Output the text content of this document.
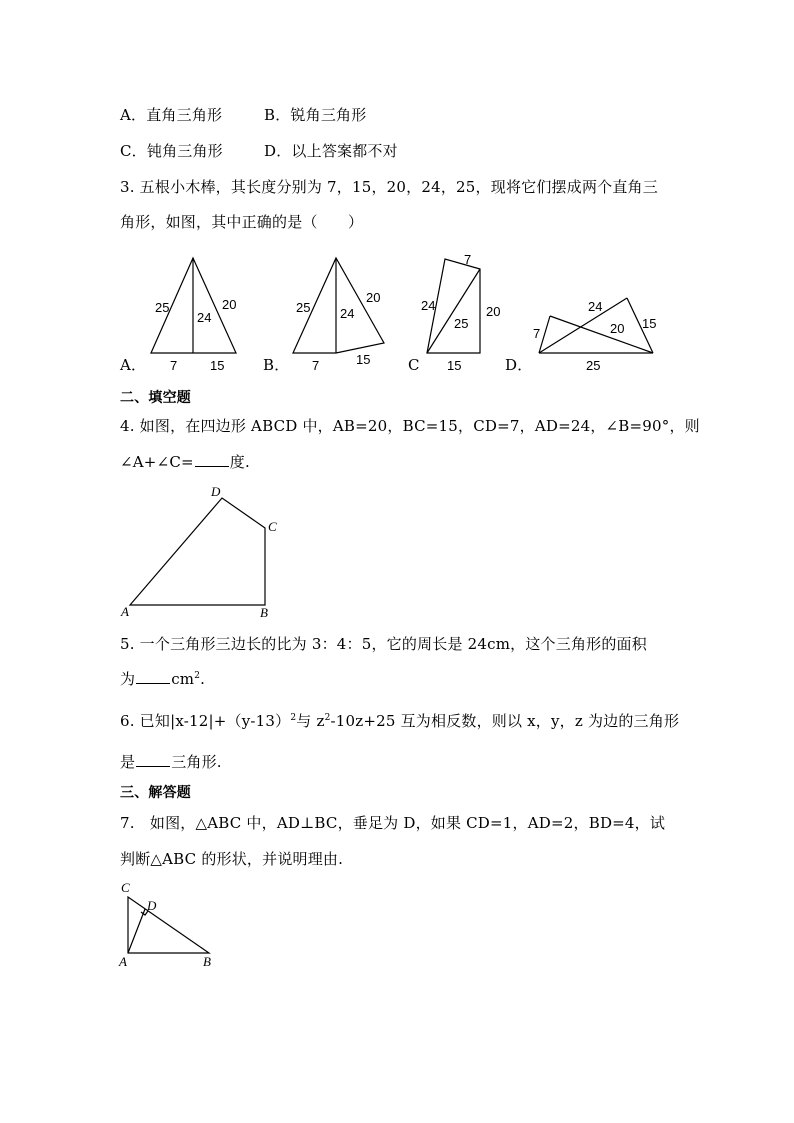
A．直角三角形	B．锐角三角形
C．钝角三角形	D．以上答案都不对
3. 五根小木棒，其长度分别为 7，15，20，24，25，现将它们摆成两个直角三
角形，如图，其中正确的是（　　）
A．	B．	C	D．
25	20
24
7	15
25
20
24
7	15
7
24	20
25
15
7
24
20 15
25
二、填空题
4. 如图，在四边形 ABCD 中，AB=20，BC=15，CD=7，AD=24，∠B=90°，则
∠A+∠C= 度.
A	B
C
D
5. 一个三角形三边长的比为 3：4：5，它的周长是 24cm，这个三角形的面积
为 $cm^2$.
6. 已知$|x-12|+(y-13)^2$与 $z^2-10z+25$ 互为相反数，则以 x，y，z 为边的三角形
是 三角形.
三、解答题
7.　如图，△ABC 中，AD⊥BC，垂足为 D，如果 CD=1，AD=2，BD=4，试
判断△ABC 的形状，并说明理由.
C
D
A	B
